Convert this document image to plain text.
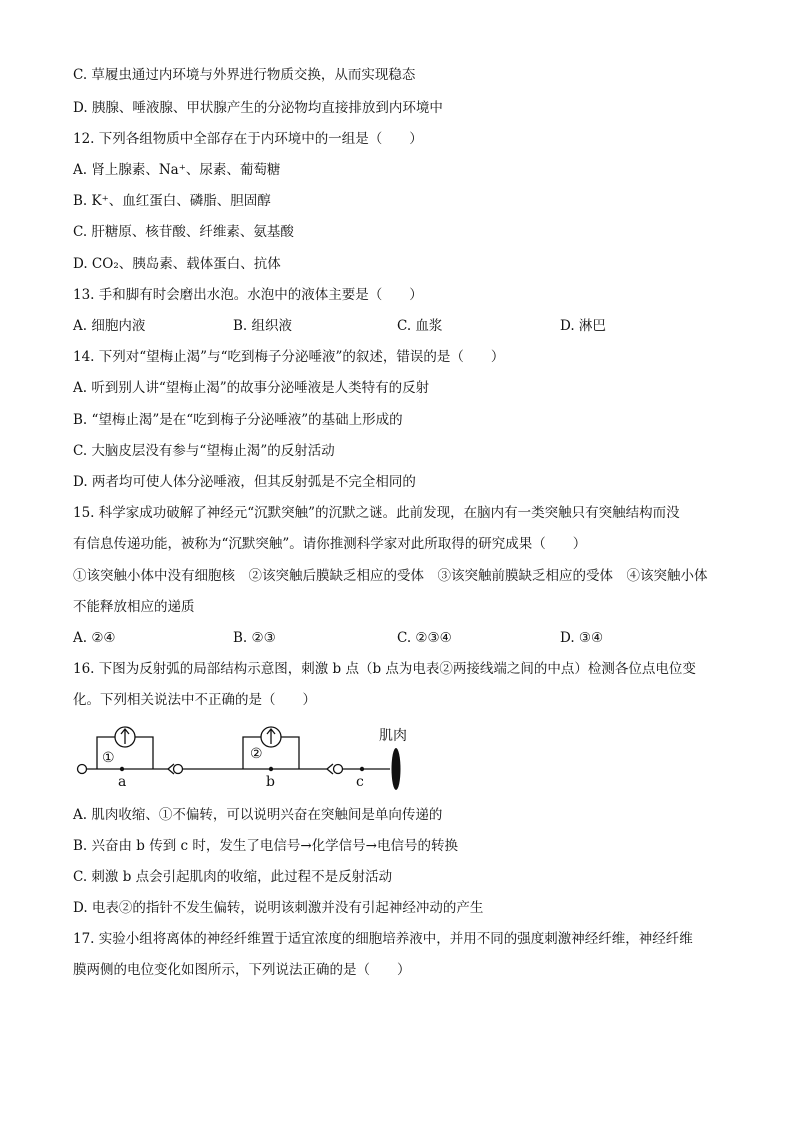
C. 草履虫通过内环境与外界进行物质交换，从而实现稳态
D. 胰腺、唾液腺、甲状腺产生的分泌物均直接排放到内环境中
12. 下列各组物质中全部存在于内环境中的一组是（　　）
A. 肾上腺素、Na⁺、尿素、葡萄糖
B. K⁺、血红蛋白、磷脂、胆固醇
C. 肝糖原、核苷酸、纤维素、氨基酸
D. CO₂、胰岛素、载体蛋白、抗体
13. 手和脚有时会磨出水泡。水泡中的液体主要是（　　）
A. 细胞内液	B. 组织液	C. 血浆	D. 淋巴
14. 下列对“望梅止渴”与“吃到梅子分泌唾液”的叙述，错误的是（　　）
A. 听到别人讲“望梅止渴”的故事分泌唾液是人类特有的反射
B. “望梅止渴”是在“吃到梅子分泌唾液”的基础上形成的
C. 大脑皮层没有参与“望梅止渴”的反射活动
D. 两者均可使人体分泌唾液，但其反射弧是不完全相同的
15. 科学家成功破解了神经元“沉默突触”的沉默之谜。此前发现，在脑内有一类突触只有突触结构而没
有信息传递功能，被称为“沉默突触”。请你推测科学家对此所取得的研究成果（　　）
①该突触小体中没有细胞核　②该突触后膜缺乏相应的受体　③该突触前膜缺乏相应的受体　④该突触小体
不能释放相应的递质
A. ②④	B. ②③	C. ②③④	D. ③④
16. 下图为反射弧的局部结构示意图，刺激 b 点（b 点为电表②两接线端之间的中点）检测各位点电位变
化。下列相关说法中不正确的是（　　）
①	②
a	b	c
肌肉
A. 肌肉收缩、①不偏转，可以说明兴奋在突触间是单向传递的
B. 兴奋由 b 传到 c 时，发生了电信号→化学信号→电信号的转换
C. 刺激 b 点会引起肌肉的收缩，此过程不是反射活动
D. 电表②的指针不发生偏转，说明该刺激并没有引起神经冲动的产生
17. 实验小组将离体的神经纤维置于适宜浓度的细胞培养液中，并用不同的强度刺激神经纤维，神经纤维
膜两侧的电位变化如图所示，下列说法正确的是（　　）
